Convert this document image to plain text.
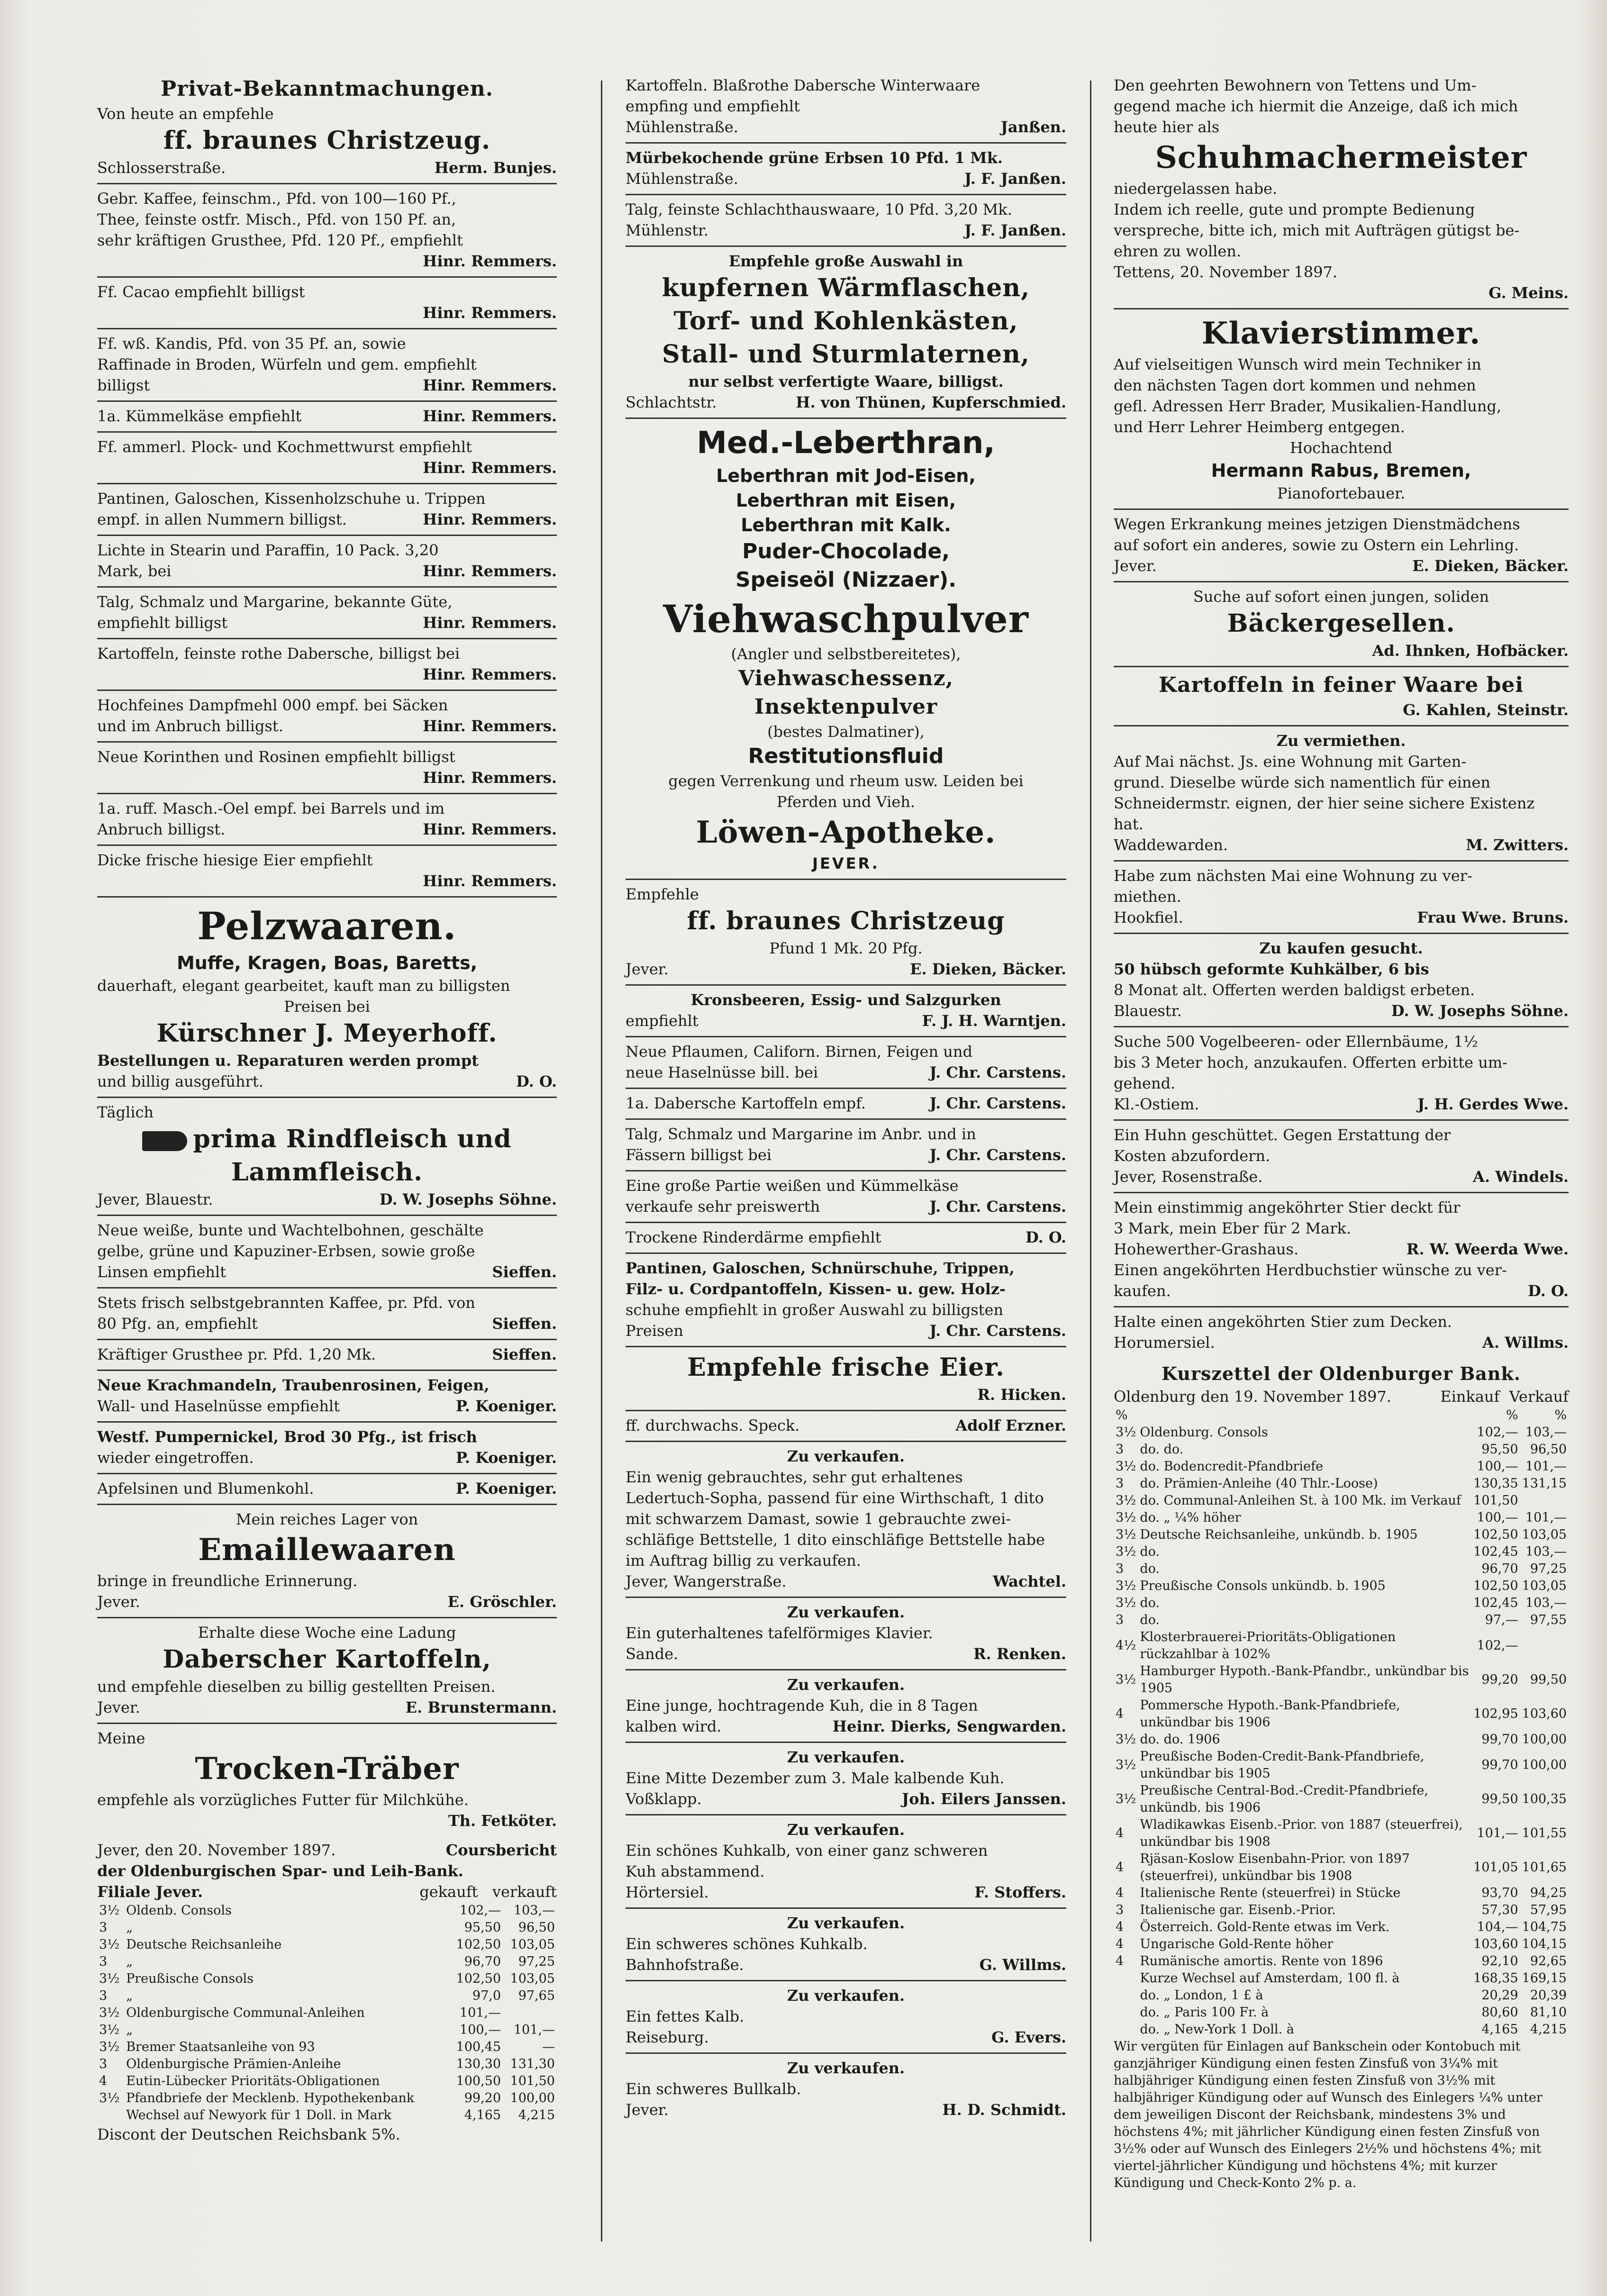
Privat-Bekanntmachungen.

Von heute an empfehle

ff. braunes Christzeug.

Schlosserstraße.	Herm. Bunjes.

Gebr. Kaffee, feinschm., Pfd. von 100—160 Pf.,

Thee, feinste ostfr. Misch., Pfd. von 150 Pf. an,

sehr kräftigen Grusthee, Pfd. 120 Pf., empfiehlt

Hinr. Remmers.

Ff. Cacao empfiehlt billigst

Hinr. Remmers.

Ff. wß. Kandis, Pfd. von 35 Pf. an, sowie

Raffinade in Broden, Würfeln und gem. empfiehlt

billigst	Hinr. Remmers.
1a. Kümmelkäse empfiehlt	Hinr. Remmers.

Ff. ammerl. Plock- und Kochmettwurst empfiehlt

Hinr. Remmers.

Pantinen, Galoschen, Kissenholzschuhe u. Trippen

empf. in allen Nummern billigst.	Hinr. Remmers.

Lichte in Stearin und Paraffin, 10 Pack. 3,20

Mark, bei	Hinr. Remmers.

Talg, Schmalz und Margarine, bekannte Güte,

empfiehlt billigst	Hinr. Remmers.

Kartoffeln, feinste rothe Dabersche, billigst bei

Hinr. Remmers.

Hochfeines Dampfmehl 000 empf. bei Säcken

und im Anbruch billigst.	Hinr. Remmers.

Neue Korinthen und Rosinen empfiehlt billigst

Hinr. Remmers.

1a. ruff. Masch.-Oel empf. bei Barrels und im

Anbruch billigst.	Hinr. Remmers.

Dicke frische hiesige Eier empfiehlt

Hinr. Remmers.

Pelzwaaren.

Muffe, Kragen, Boas, Baretts,

dauerhaft, elegant gearbeitet, kauft man zu billigsten

Preisen bei

Kürschner J. Meyerhoff.

Bestellungen u. Reparaturen werden prompt

und billig ausgeführt.	D. O.

Täglich

prima Rindfleisch und

Lammfleisch.

Jever, Blauestr.	D. W. Josephs Söhne.

Neue weiße, bunte und Wachtelbohnen, geschälte

gelbe, grüne und Kapuziner-Erbsen, sowie große

Linsen empfiehlt	Sieffen.

Stets frisch selbstgebrannten Kaffee, pr. Pfd. von

80 Pfg. an, empfiehlt	Sieffen.
Kräftiger Grusthee pr. Pfd. 1,20 Mk.	Sieffen.

Neue Krachmandeln, Traubenrosinen, Feigen,

Wall- und Haselnüsse empfiehlt	P. Koeniger.

Westf. Pumpernickel, Brod 30 Pfg., ist frisch

wieder eingetroffen.	P. Koeniger.
Apfelsinen und Blumenkohl.	P. Koeniger.

Mein reiches Lager von

Emaillewaaren

bringe in freundliche Erinnerung.

Jever.	E. Gröschler.

Erhalte diese Woche eine Ladung

Daberscher Kartoffeln,

und empfehle dieselben zu billig gestellten Preisen.

Jever.	E. Brunstermann.

Meine

Trocken-Träber

empfehle als vorzügliches Futter für Milchkühe.

Th. Fetköter.
Jever, den 20. November 1897.	Coursbericht

der Oldenburgischen Spar- und Leih-Bank.

Filiale Jever.	gekauft verkauft
3½	Oldenb. Consols	102,—	103,—
3	„	95,50	96,50
3½	Deutsche Reichsanleihe	102,50	103,05
3	„	96,70	97,25
3½	Preußische Consols	102,50	103,05
3	„	97,0	97,65
3½	Oldenburgische Communal-Anleihen	101,—	
3½	„	100,—	101,—
3½	Bremer Staatsanleihe von 93	100,45	—
3	Oldenburgische Prämien-Anleihe	130,30	131,30
4	Eutin-Lübecker Prioritäts-Obligationen	100,50	101,50
3½	Pfandbriefe der Mecklenb. Hypothekenbank	99,20	100,00
	Wechsel auf Newyork für 1 Doll. in Mark	4,165	4,215

Discont der Deutschen Reichsbank 5%.

Kartoffeln. Blaßrothe Dabersche Winterwaare

empfing und empfiehlt

Mühlenstraße.	Janßen.

Mürbekochende grüne Erbsen 10 Pfd. 1 Mk.

Mühlenstraße.	J. F. Janßen.

Talg, feinste Schlachthauswaare, 10 Pfd. 3,20 Mk.

Mühlenstr.	J. F. Janßen.

Empfehle große Auswahl in

kupfernen Wärmflaschen,

Torf- und Kohlenkästen,

Stall- und Sturmlaternen,

nur selbst verfertigte Waare, billigst.

Schlachtstr.	H. von Thünen, Kupferschmied.

Med.-Leberthran,

Leberthran mit Jod-Eisen,

Leberthran mit Eisen,

Leberthran mit Kalk.

Puder-Chocolade,

Speiseöl (Nizzaer).

Viehwaschpulver

(Angler und selbstbereitetes),

Viehwaschessenz,

Insektenpulver

(bestes Dalmatiner),

Restitutionsfluid

gegen Verrenkung und rheum usw. Leiden bei

Pferden und Vieh.

Löwen-Apotheke.

JEVER.

Empfehle

ff. braunes Christzeug

Pfund 1 Mk. 20 Pfg.

Jever.	E. Dieken, Bäcker.

Kronsbeeren, Essig- und Salzgurken

empfiehlt	F. J. H. Warntjen.

Neue Pflaumen, Californ. Birnen, Feigen und

neue Haselnüsse bill. bei	J. Chr. Carstens.
1a. Dabersche Kartoffeln empf.	J. Chr. Carstens.

Talg, Schmalz und Margarine im Anbr. und in

Fässern billigst bei	J. Chr. Carstens.

Eine große Partie weißen und Kümmelkäse

verkaufe sehr preiswerth	J. Chr. Carstens.
Trockene Rinderdärme empfiehlt	D. O.

Pantinen, Galoschen, Schnürschuhe, Trippen,

Filz- u. Cordpantoffeln, Kissen- u. gew. Holz-

schuhe empfiehlt in großer Auswahl zu billigsten

Preisen	J. Chr. Carstens.

Empfehle frische Eier.

R. Hicken.
ff. durchwachs. Speck.	Adolf Erzner.

Zu verkaufen.

Ein wenig gebrauchtes, sehr gut erhaltenes

Ledertuch-Sopha, passend für eine Wirthschaft, 1 dito

mit schwarzem Damast, sowie 1 gebrauchte zwei-

schläfige Bettstelle, 1 dito einschläfige Bettstelle habe

im Auftrag billig zu verkaufen.

Jever, Wangerstraße.	Wachtel.

Zu verkaufen.

Ein guterhaltenes tafelförmiges Klavier.

Sande.	R. Renken.

Zu verkaufen.

Eine junge, hochtragende Kuh, die in 8 Tagen

kalben wird.	Heinr. Dierks, Sengwarden.

Zu verkaufen.

Eine Mitte Dezember zum 3. Male kalbende Kuh.

Voßklapp.	Joh. Eilers Janssen.

Zu verkaufen.

Ein schönes Kuhkalb, von einer ganz schweren

Kuh abstammend.

Hörtersiel.	F. Stoffers.

Zu verkaufen.

Ein schweres schönes Kuhkalb.

Bahnhofstraße.	G. Willms.

Zu verkaufen.

Ein fettes Kalb.

Reiseburg.	G. Evers.

Zu verkaufen.

Ein schweres Bullkalb.

Jever.	H. D. Schmidt.

Den geehrten Bewohnern von Tettens und Um-

gegend mache ich hiermit die Anzeige, daß ich mich

heute hier als

Schuhmachermeister

niedergelassen habe.

Indem ich reelle, gute und prompte Bedienung

verspreche, bitte ich, mich mit Aufträgen gütigst be-

ehren zu wollen.

Tettens, 20. November 1897.

G. Meins.

Klavierstimmer.

Auf vielseitigen Wunsch wird mein Techniker in

den nächsten Tagen dort kommen und nehmen

gefl. Adressen Herr Brader, Musikalien-Handlung,

und Herr Lehrer Heimberg entgegen.

Hochachtend

Hermann Rabus, Bremen,

Pianofortebauer.

Wegen Erkrankung meines jetzigen Dienstmädchens

auf sofort ein anderes, sowie zu Ostern ein Lehrling.

Jever.	E. Dieken, Bäcker.

Suche auf sofort einen jungen, soliden

Bäckergesellen.

Ad. Ihnken, Hofbäcker.

Kartoffeln in feiner Waare bei

G. Kahlen, Steinstr.

Zu vermiethen.

Auf Mai nächst. Js. eine Wohnung mit Garten-

grund. Dieselbe würde sich namentlich für einen

Schneidermstr. eignen, der hier seine sichere Existenz hat.

Waddewarden.	M. Zwitters.

Habe zum nächsten Mai eine Wohnung zu ver-

miethen.

Hookfiel.	Frau Wwe. Bruns.

Zu kaufen gesucht.

50 hübsch geformte Kuhkälber, 6 bis

8 Monat alt. Offerten werden baldigst erbeten.

Blauestr.	D. W. Josephs Söhne.

Suche 500 Vogelbeeren- oder Ellernbäume, 1½

bis 3 Meter hoch, anzukaufen. Offerten erbitte um-

gehend.

Kl.-Ostiem.	J. H. Gerdes Wwe.

Ein Huhn geschüttet. Gegen Erstattung der

Kosten abzufordern.

Jever, Rosenstraße.	A. Windels.

Mein einstimmig angeköhrter Stier deckt für

3 Mark, mein Eber für 2 Mark.

Hohewerther-Grashaus.	R. W. Weerda Wwe.

Einen angeköhrten Herdbuchstier wünsche zu ver-

kaufen.	D. O.

Halte einen angeköhrten Stier zum Decken.

Horumersiel.	A. Willms.

Kurszettel der Oldenburger Bank.

Oldenburg den 19. November 1897.	Einkauf Verkauf
%		%	%
3½	Oldenburg. Consols	102,—	103,—
3	do. do.	95,50	96,50
3½	do. Bodencredit-Pfandbriefe	100,—	101,—
3	do. Prämien-Anleihe (40 Thlr.-Loose)	130,35	131,15
3½	do. Communal-Anleihen St. à 100 Mk. im Verkauf	101,50	
3½	do. „ ¼% höher	100,—	101,—
3½	Deutsche Reichsanleihe, unkündb. b. 1905	102,50	103,05
3½	do.	102,45	103,—
3	do.	96,70	97,25
3½	Preußische Consols unkündb. b. 1905	102,50	103,05
3½	do.	102,45	103,—
3	do.	97,—	97,55
4½	Klosterbrauerei-Prioritäts-Obligationen rückzahlbar à 102%	102,—	
3½	Hamburger Hypoth.-Bank-Pfandbr., unkündbar bis 1905	99,20	99,50
4	Pommersche Hypoth.-Bank-Pfandbriefe, unkündbar bis 1906	102,95	103,60
3½	do. do. 1906	99,70	100,00
3½	Preußische Boden-Credit-Bank-Pfandbriefe, unkündbar bis 1905	99,70	100,00
3½	Preußische Central-Bod.-Credit-Pfandbriefe, unkündb. bis 1906	99,50	100,35
4	Wladikawkas Eisenb.-Prior. von 1887 (steuerfrei), unkündbar bis 1908	101,—	101,55
4	Rjäsan-Koslow Eisenbahn-Prior. von 1897 (steuerfrei), unkündbar bis 1908	101,05	101,65
4	Italienische Rente (steuerfrei) in Stücke	93,70	94,25
3	Italienische gar. Eisenb.-Prior.	57,30	57,95
4	Österreich. Gold-Rente etwas im Verk.	104,—	104,75
4	Ungarische Gold-Rente höher	103,60	104,15
4	Rumänische amortis. Rente von 1896	92,10	92,65
	Kurze Wechsel auf Amsterdam, 100 fl. à	168,35	169,15
	do. „ London, 1 £ à	20,29	20,39
	do. „ Paris 100 Fr. à	80,60	81,10
	do. „ New-York 1 Doll. à	4,165	4,215

Wir vergüten für Einlagen auf Bankschein oder Kontobuch mit ganzjähriger Kündigung einen festen Zinsfuß von 3¼% mit halbjähriger Kündigung einen festen Zinsfuß von 3½% mit halbjähriger Kündigung oder auf Wunsch des Einlegers ¼% unter dem jeweiligen Discont der Reichsbank, mindestens 3% und höchstens 4%; mit jährlicher Kündigung einen festen Zinsfuß von 3½% oder auf Wunsch des Einlegers 2½% und höchstens 4%; mit viertel-jährlicher Kündigung und höchstens 4%; mit kurzer Kündigung und Check-Konto 2% p. a.
